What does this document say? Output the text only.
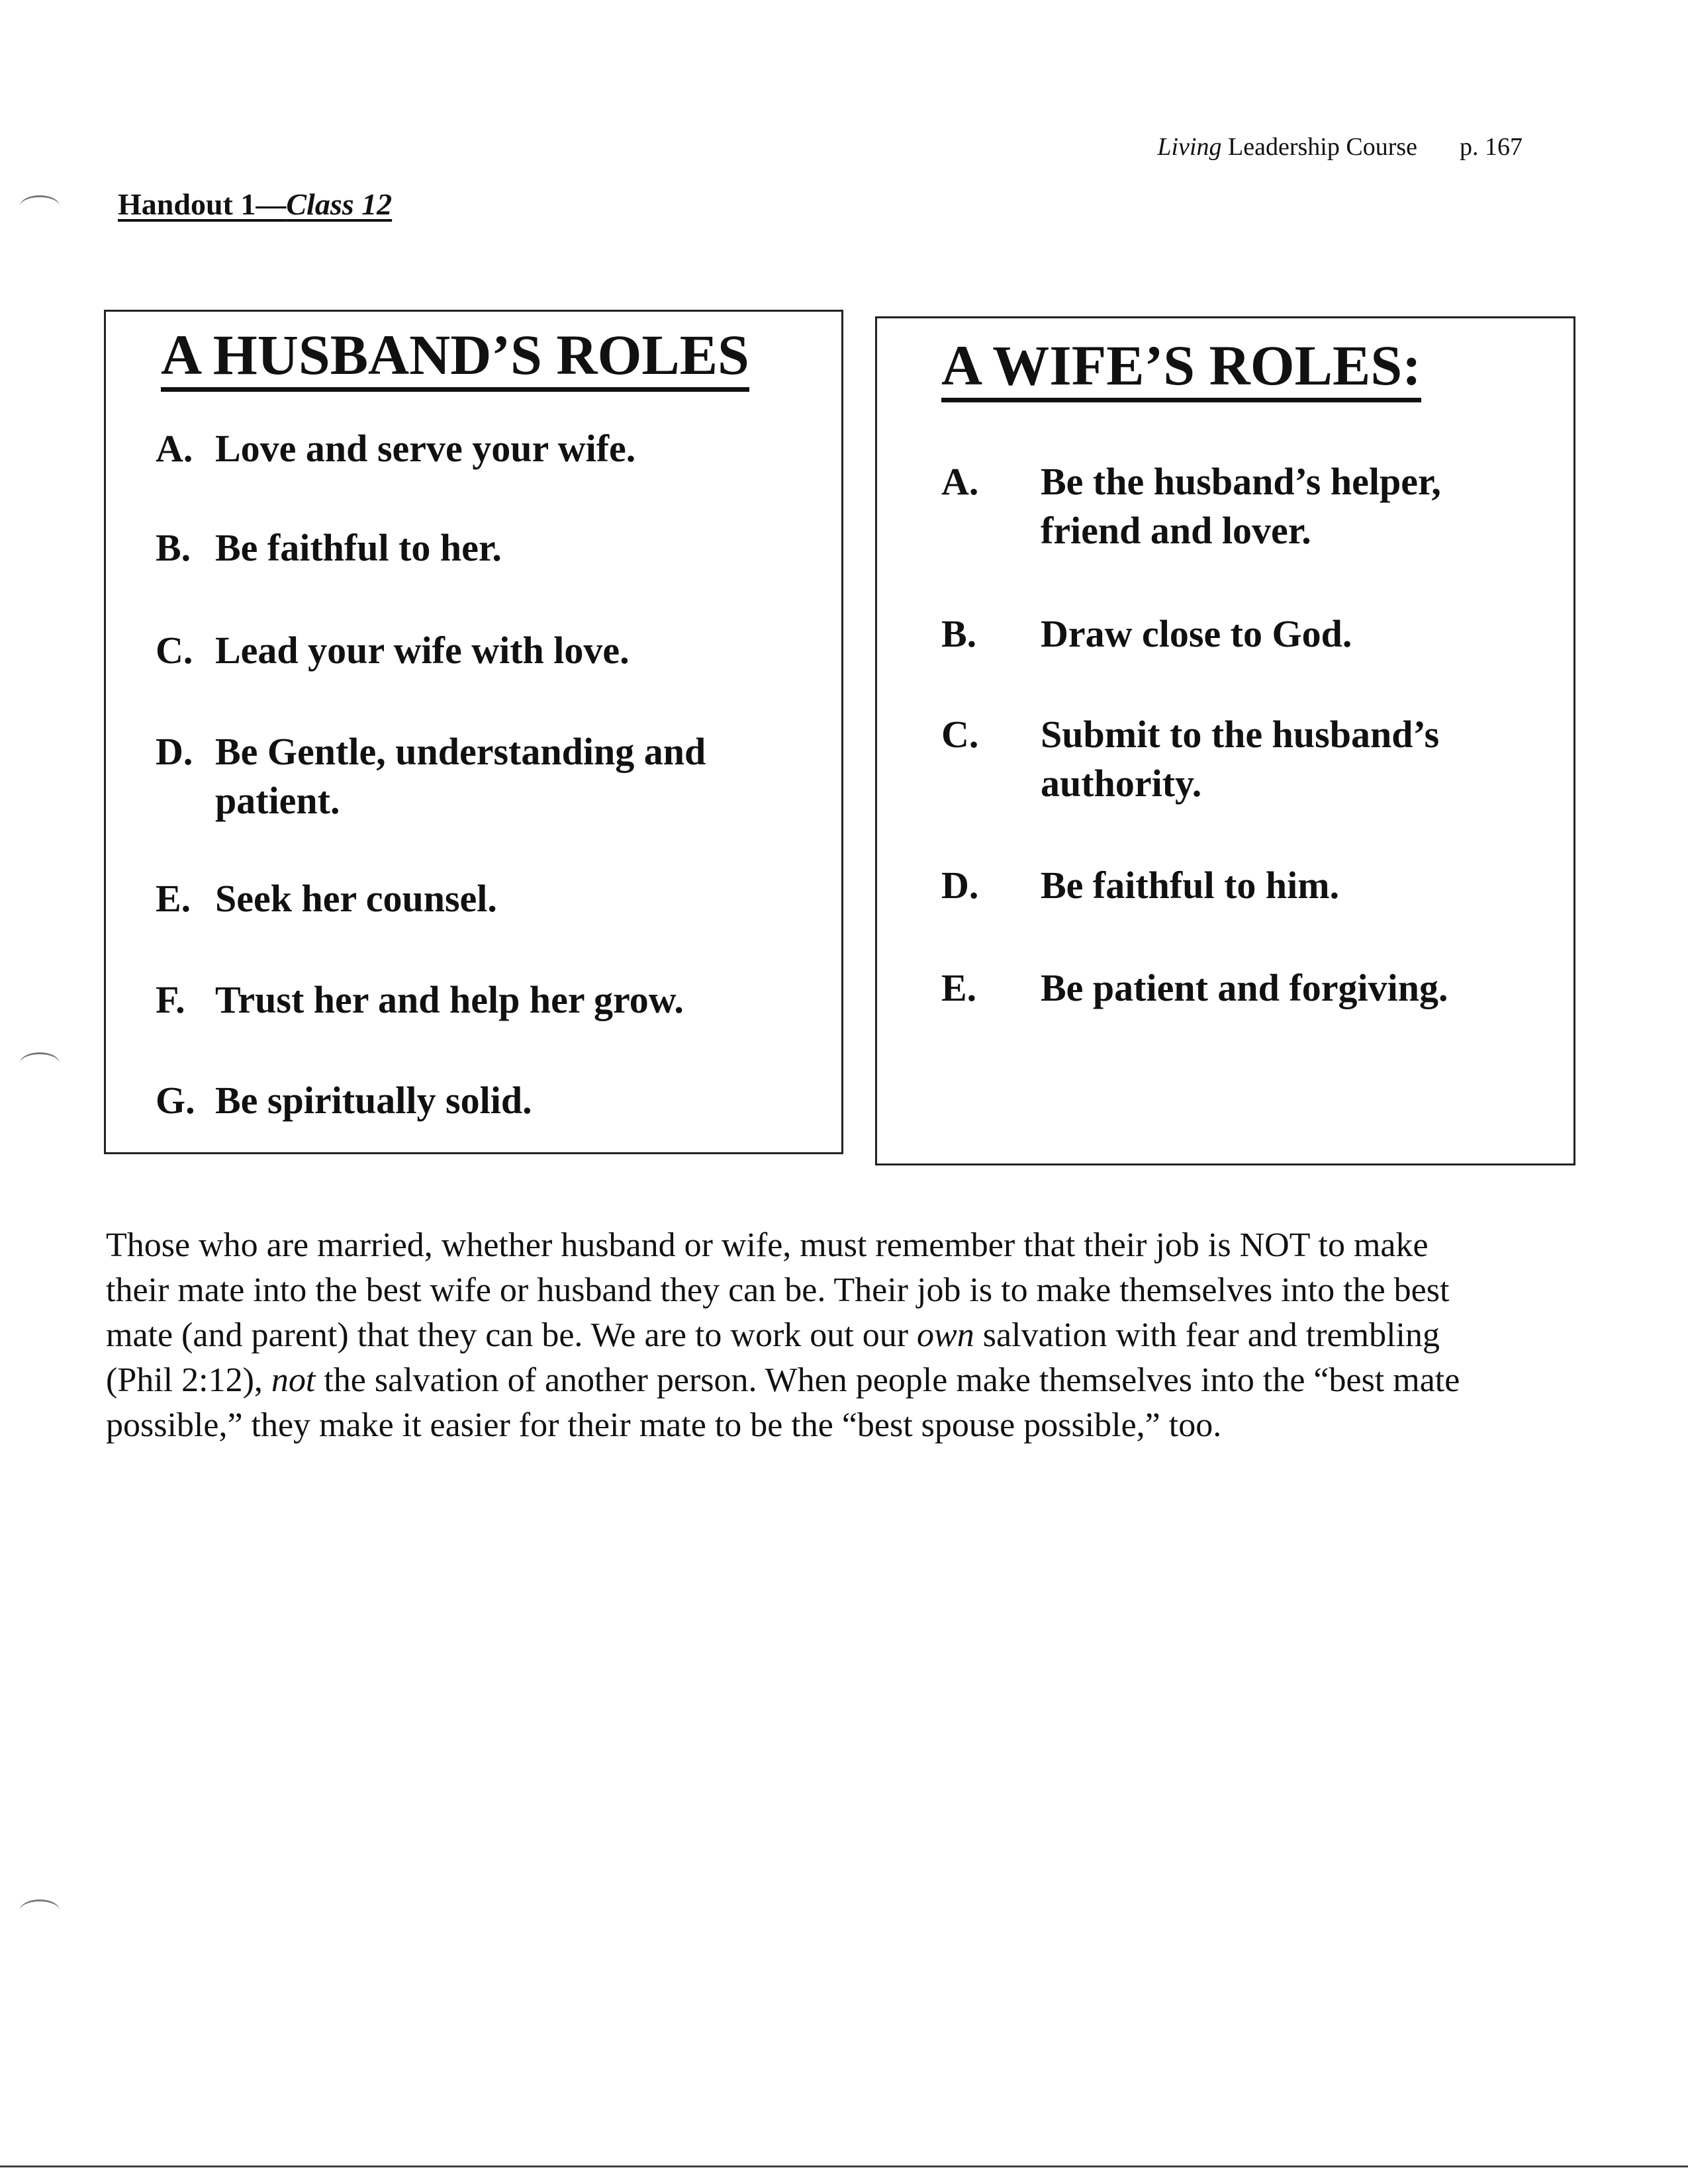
Living Leadership Course p. 167
Handout 1—Class 12
A HUSBAND’S ROLES
A. Love and serve your wife.
B. Be faithful to her.
C. Lead your wife with love.
D. Be Gentle, understanding and patient.
E. Seek her counsel.
F. Trust her and help her grow.
G. Be spiritually solid.
A WIFE’S ROLES:
A. Be the husband’s helper, friend and lover.
B. Draw close to God.
C. Submit to the husband’s authority.
D. Be faithful to him.
E. Be patient and forgiving.
Those who are married, whether husband or wife, must remember that their job is NOT to make their mate into the best wife or husband they can be. Their job is to make themselves into the best mate (and parent) that they can be. We are to work out our own salvation with fear and trembling (Phil 2:12), not the salvation of another person. When people make themselves into the “best mate possible,” they make it easier for their mate to be the “best spouse possible,” too.
